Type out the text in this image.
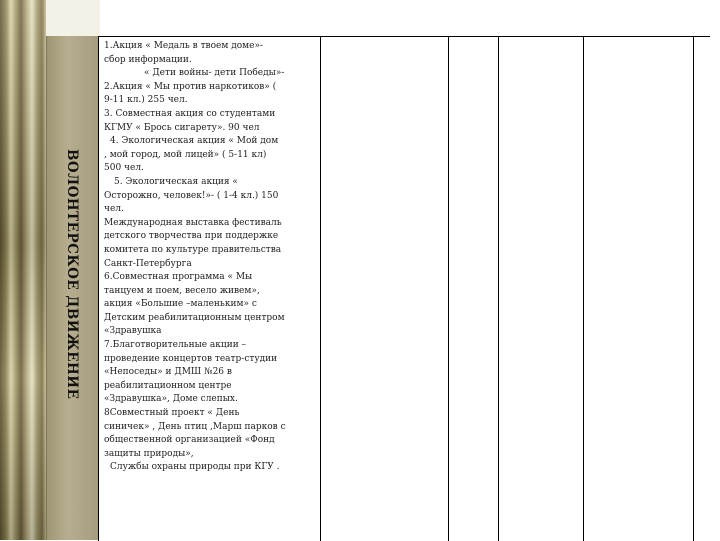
ВОЛОНТЕРСКОЕ ДВИЖЕНИЕ
1.Акция « Медаль в твоем доме»-
сбор информации.
« Дети войны- дети Победы»-
2.Акция « Мы против наркотиков» (
9-11 кл.) 255 чел.
3. Совместная акция со студентами
КГМУ « Брось сигарету». 90 чел
4. Экологическая акция « Мой дом
, мой город, мой лицей» ( 5-11 кл)
500 чел.
5. Экологическая акция «
Осторожно, человек!»- ( 1-4 кл.) 150
чел.
Международная выставка фестиваль
детского творчества при поддержке
комитета по культуре правительства
Санкт-Петербурга
6.Совместная программа « Мы
танцуем и поем, весело живем»,
акция «Большие –маленьким» с
Детским реабилитационным центром
«Здравушка
7.Благотворительные акции –
проведение концертов театр-студии
«Непоседы» и ДМШ №26 в
реабилитационном центре
«Здравушка», Доме слепых.
8Совместный проект « День
синичек» , День птиц ,Марш парков с
общественной организацией «Фонд
защиты природы»,
Службы охраны природы при КГУ .
